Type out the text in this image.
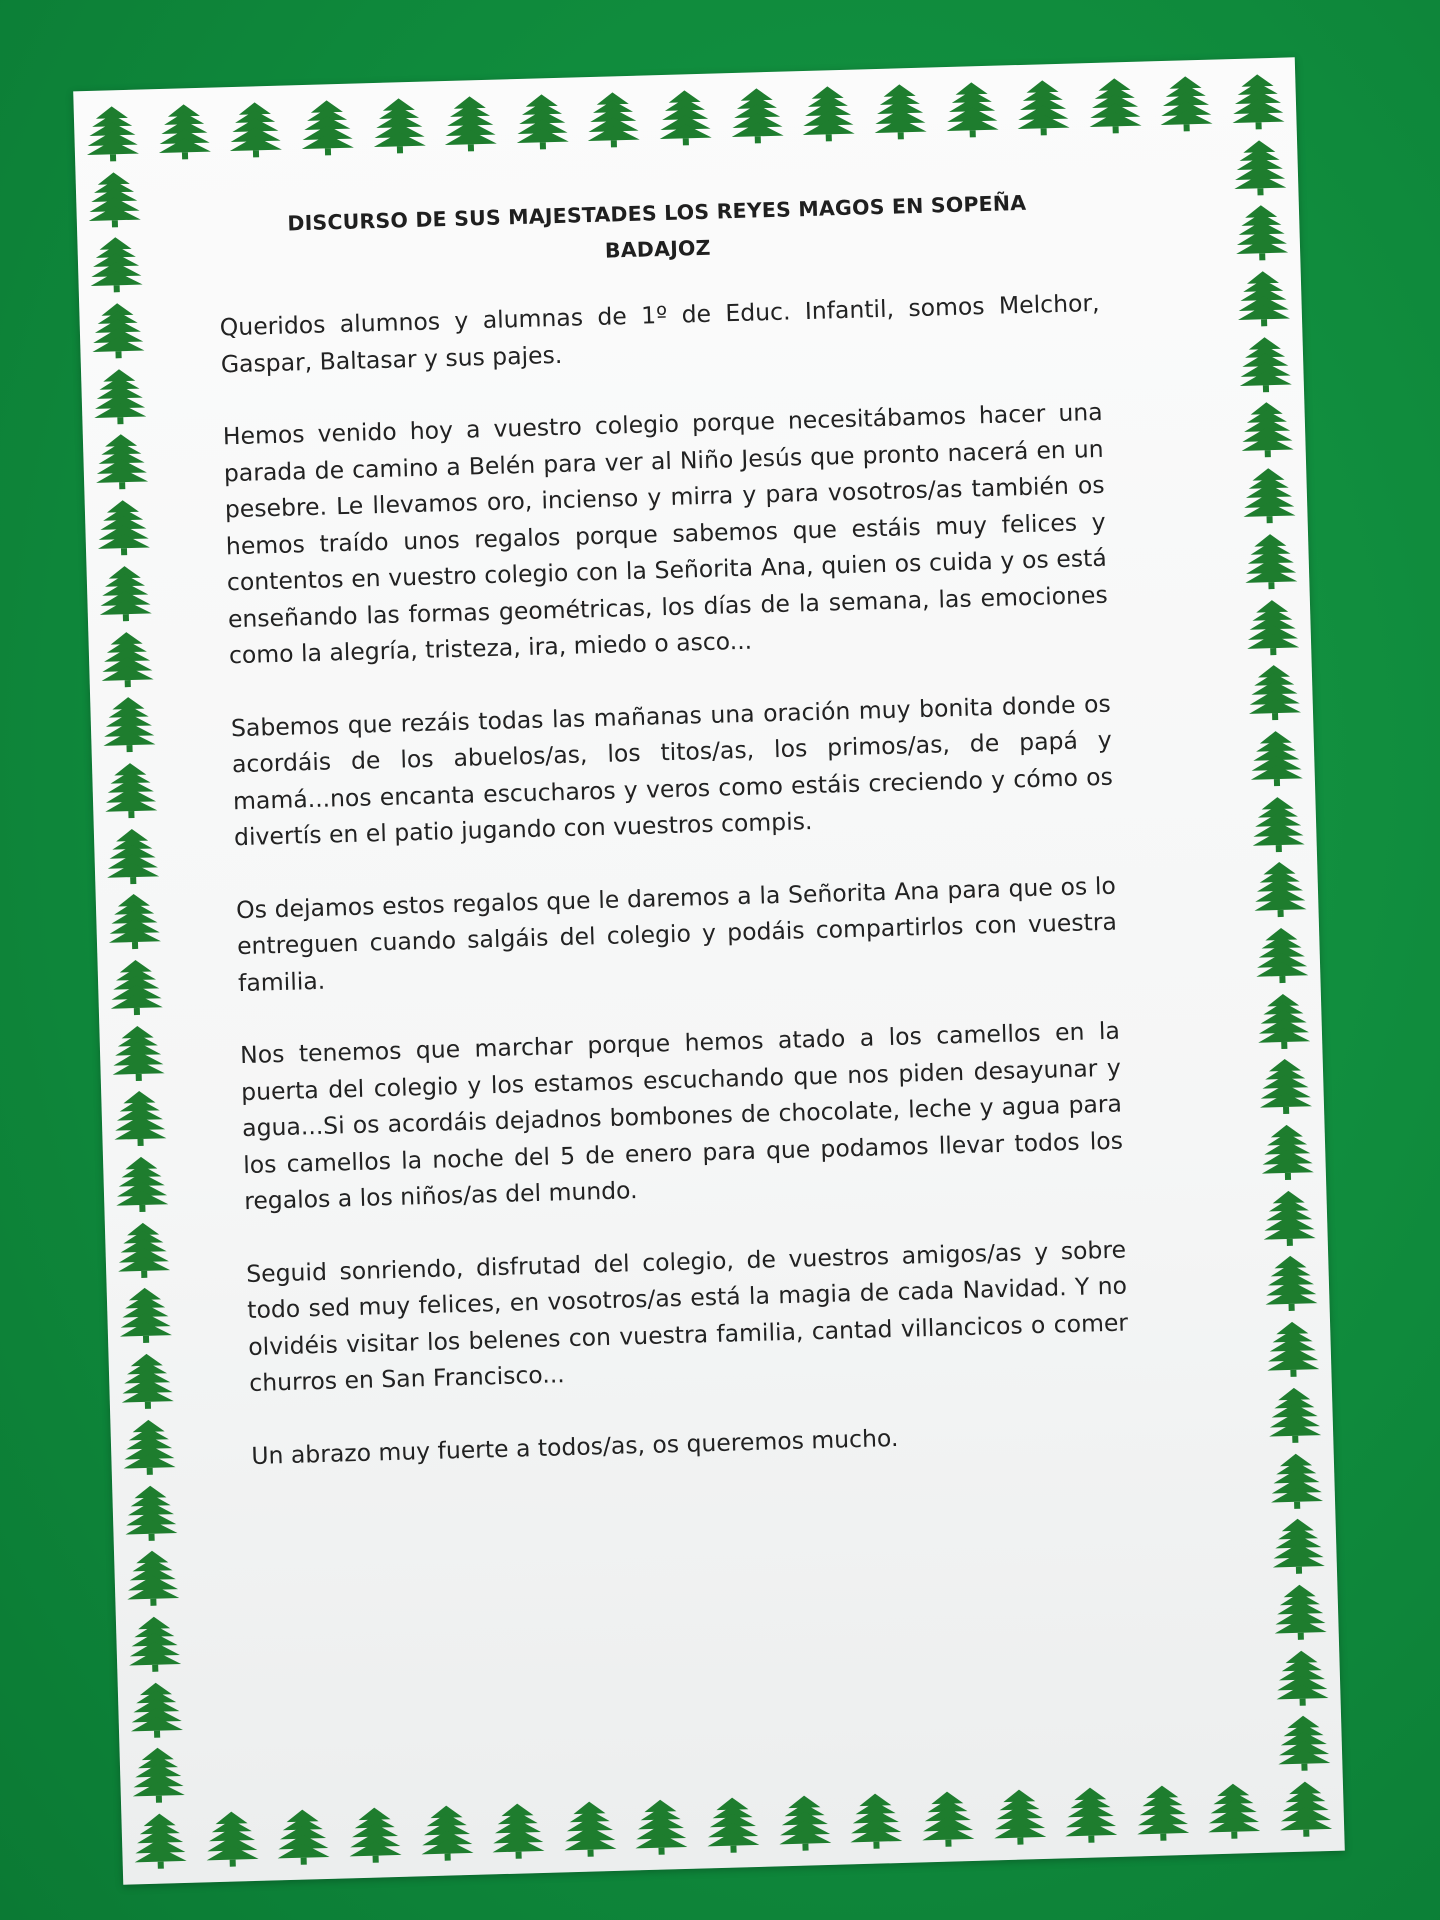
DISCURSO DE SUS MAJESTADES LOS REYES MAGOS EN SOPEÑA
BADAJOZ

Queridos alumnos y alumnas de 1º de Educ. Infantil, somos Melchor, Gaspar, Baltasar y sus pajes.

Hemos venido hoy a vuestro colegio porque necesitábamos hacer una parada de camino a Belén para ver al Niño Jesús que pronto nacerá en un pesebre. Le llevamos oro, incienso y mirra y para vosotros/as también os hemos traído unos regalos porque sabemos que estáis muy felices y contentos en vuestro colegio con la Señorita Ana, quien os cuida y os está enseñando las formas geométricas, los días de la semana, las emociones como la alegría, tristeza, ira, miedo o asco...

Sabemos que rezáis todas las mañanas una oración muy bonita donde os acordáis de los abuelos/as, los titos/as, los primos/as, de papá y mamá...nos encanta escucharos y veros como estáis creciendo y cómo os divertís en el patio jugando con vuestros compis.

Os dejamos estos regalos que le daremos a la Señorita Ana para que os lo entreguen cuando salgáis del colegio y podáis compartirlos con vuestra familia.

Nos tenemos que marchar porque hemos atado a los camellos en la puerta del colegio y los estamos escuchando que nos piden desayunar y agua...Si os acordáis dejadnos bombones de chocolate, leche y agua para los camellos la noche del 5 de enero para que podamos llevar todos los regalos a los niños/as del mundo.

Seguid sonriendo, disfrutad del colegio, de vuestros amigos/as y sobre todo sed muy felices, en vosotros/as está la magia de cada Navidad. Y no olvidéis visitar los belenes con vuestra familia, cantad villancicos o comer churros en San Francisco...

Un abrazo muy fuerte a todos/as, os queremos mucho.
